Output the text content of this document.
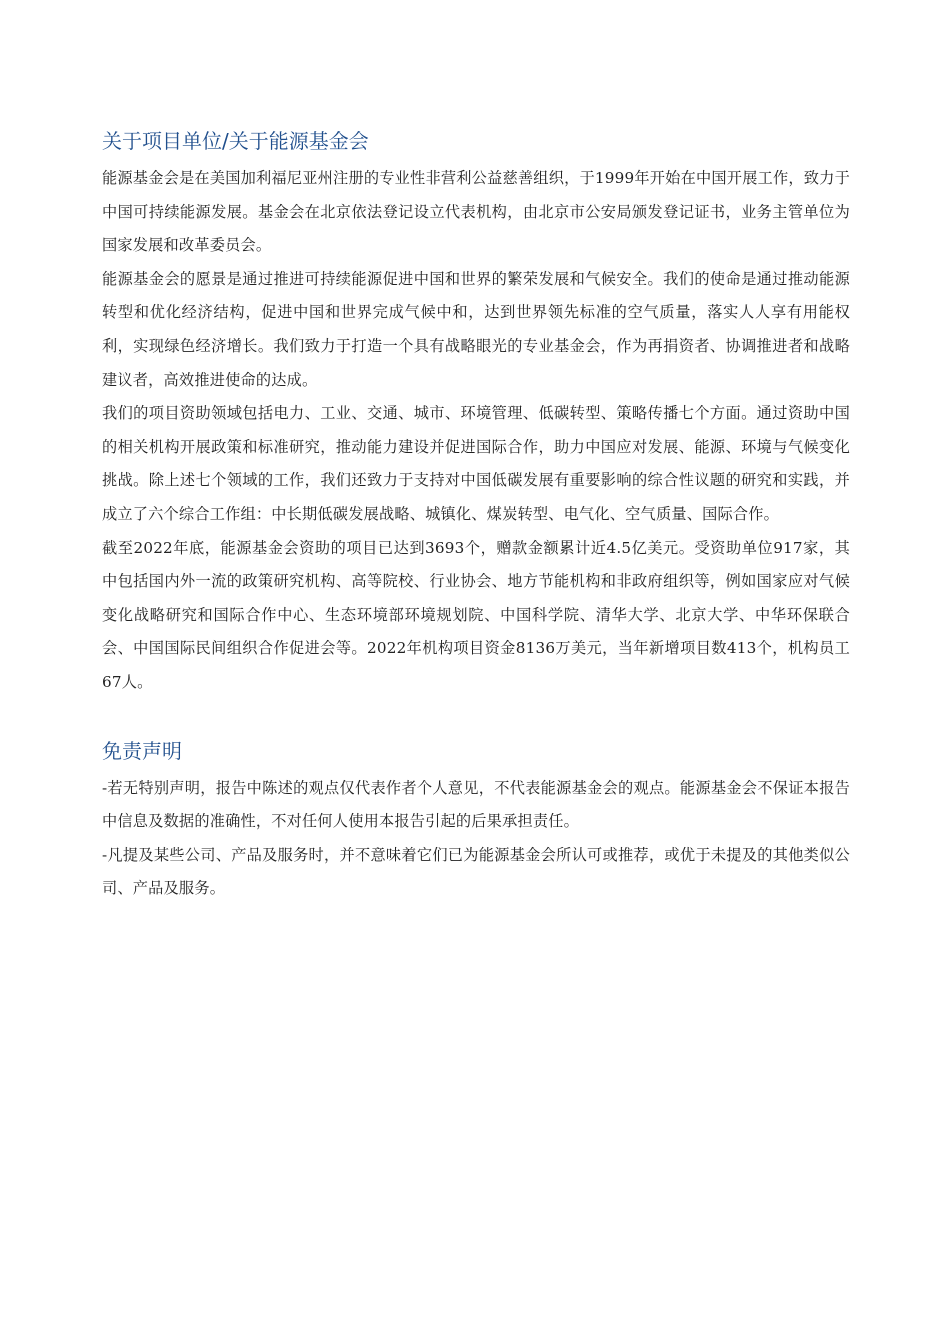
关于项目单位/关于能源基金会

能源基金会是在美国加利福尼亚州注册的专业性非营利公益慈善组织，于1999年开始在中国开展工作，致力于中国可持续能源发展。基金会在北京依法登记设立代表机构，由北京市公安局颁发登记证书，业务主管单位为国家发展和改革委员会。

能源基金会的愿景是通过推进可持续能源促进中国和世界的繁荣发展和气候安全。我们的使命是通过推动能源转型和优化经济结构，促进中国和世界完成气候中和，达到世界领先标准的空气质量，落实人人享有用能权利，实现绿色经济增长。我们致力于打造一个具有战略眼光的专业基金会，作为再捐资者、协调推进者和战略建议者，高效推进使命的达成。

我们的项目资助领域包括电力、工业、交通、城市、环境管理、低碳转型、策略传播七个方面。通过资助中国的相关机构开展政策和标准研究，推动能力建设并促进国际合作，助力中国应对发展、能源、环境与气候变化挑战。除上述七个领域的工作，我们还致力于支持对中国低碳发展有重要影响的综合性议题的研究和实践，并成立了六个综合工作组：中长期低碳发展战略、城镇化、煤炭转型、电气化、空气质量、国际合作。

截至2022年底，能源基金会资助的项目已达到3693个，赠款金额累计近4.5亿美元。受资助单位917家，其中包括国内外一流的政策研究机构、高等院校、行业协会、地方节能机构和非政府组织等，例如国家应对气候变化战略研究和国际合作中心、生态环境部环境规划院、中国科学院、清华大学、北京大学、中华环保联合会、中国国际民间组织合作促进会等。2022年机构项目资金8136万美元，当年新增项目数413个，机构员工67人。

免责声明

-若无特别声明，报告中陈述的观点仅代表作者个人意见，不代表能源基金会的观点。能源基金会不保证本报告中信息及数据的准确性，不对任何人使用本报告引起的后果承担责任。

-凡提及某些公司、产品及服务时，并不意味着它们已为能源基金会所认可或推荐，或优于未提及的其他类似公司、产品及服务。
